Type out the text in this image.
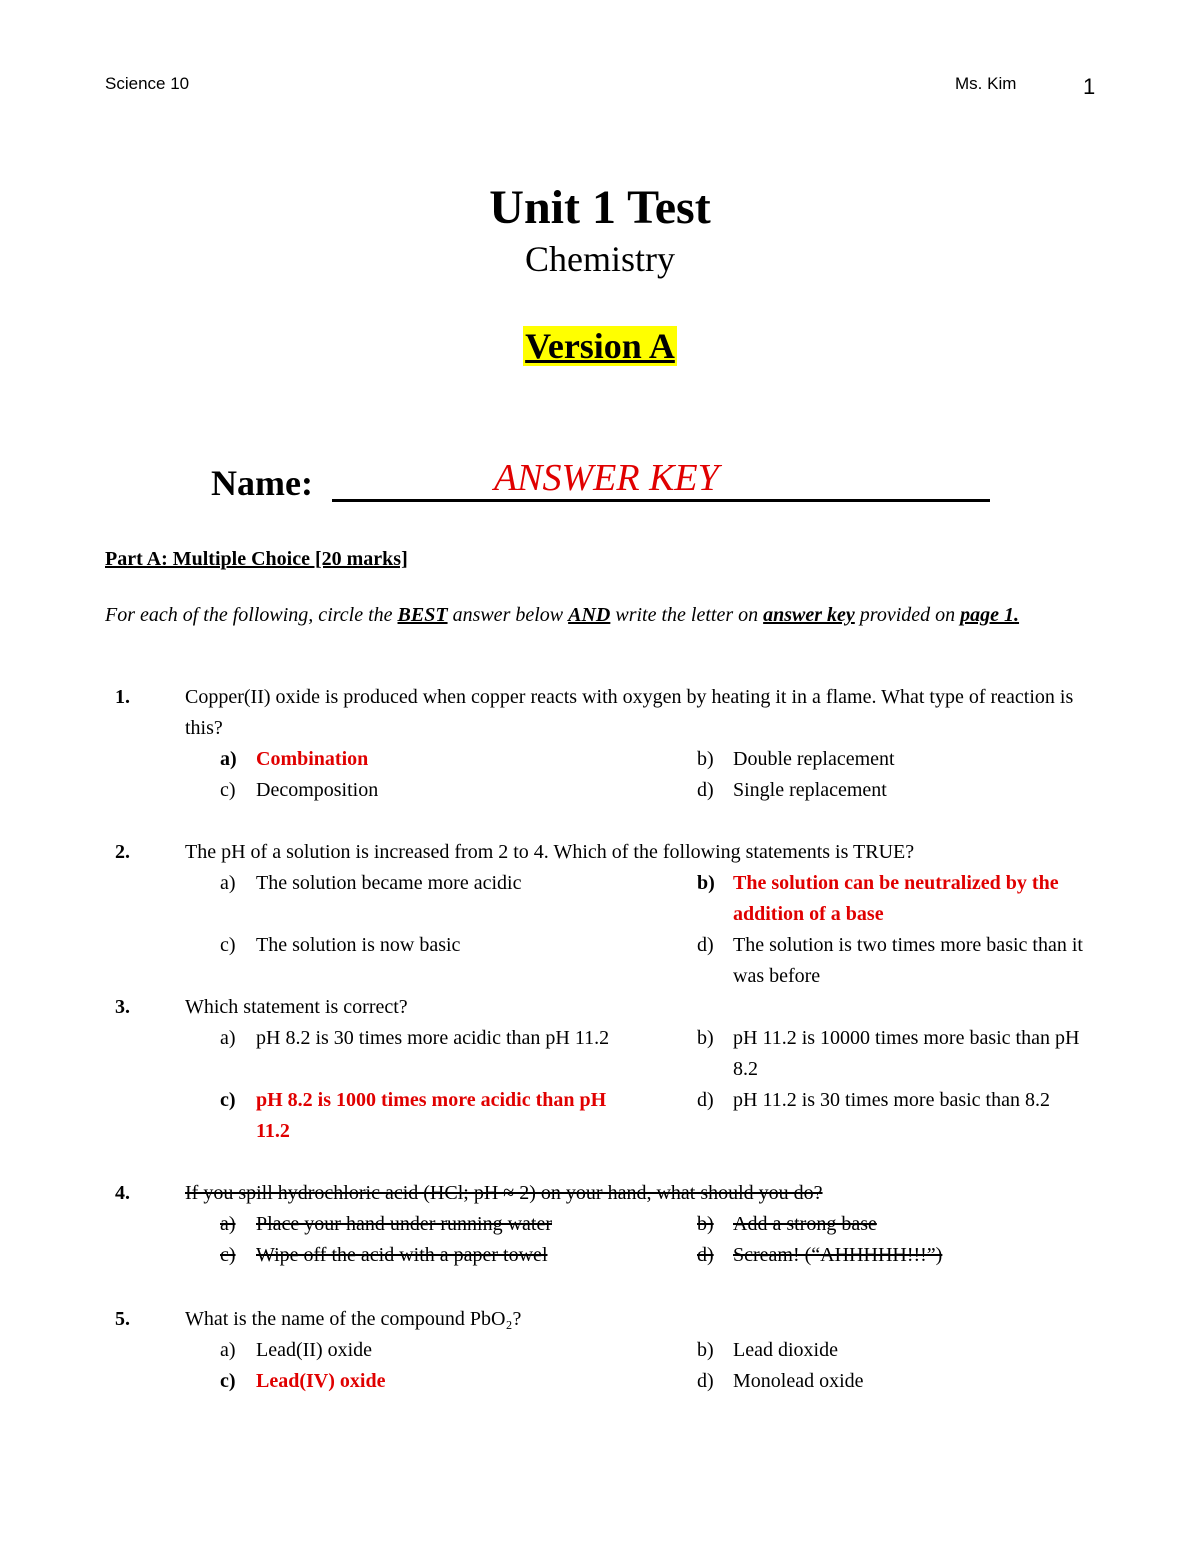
Science 10	Ms. Kim	1
Unit 1 Test
Chemistry
Version A
Name:	ANSWER KEY
Part A: Multiple Choice [20 marks]
For each of the following, circle the BEST answer below AND write the letter on answer key provided on page 1.
1.	Copper(II) oxide is produced when copper reacts with oxygen by heating it in a flame. What type of reaction is this?
a) Combination	b) Double replacement
c) Decomposition	d) Single replacement
2.	The pH of a solution is increased from 2 to 4. Which of the following statements is TRUE?
a) The solution became more acidic	b) The solution can be neutralized by the addition of a base
c) The solution is now basic	d) The solution is two times more basic than it was before
3.	Which statement is correct?
a) pH 8.2 is 30 times more acidic than pH 11.2	b) pH 11.2 is 10000 times more basic than pH 8.2
c) pH 8.2 is 1000 times more acidic than pH 11.2
d) pH 11.2 is 30 times more basic than 8.2
4.	If you spill hydrochloric acid (HCl; pH ≈ 2) on your hand, what should you do?
a) Place your hand under running water	b) Add a strong base
c) Wipe off the acid with a paper towel	d) Scream! (“AHHHHH!!!”)
5.	What is the name of the compound PbO₂?
a) Lead(II) oxide	b) Lead dioxide
c) Lead(IV) oxide	d) Monolead oxide
